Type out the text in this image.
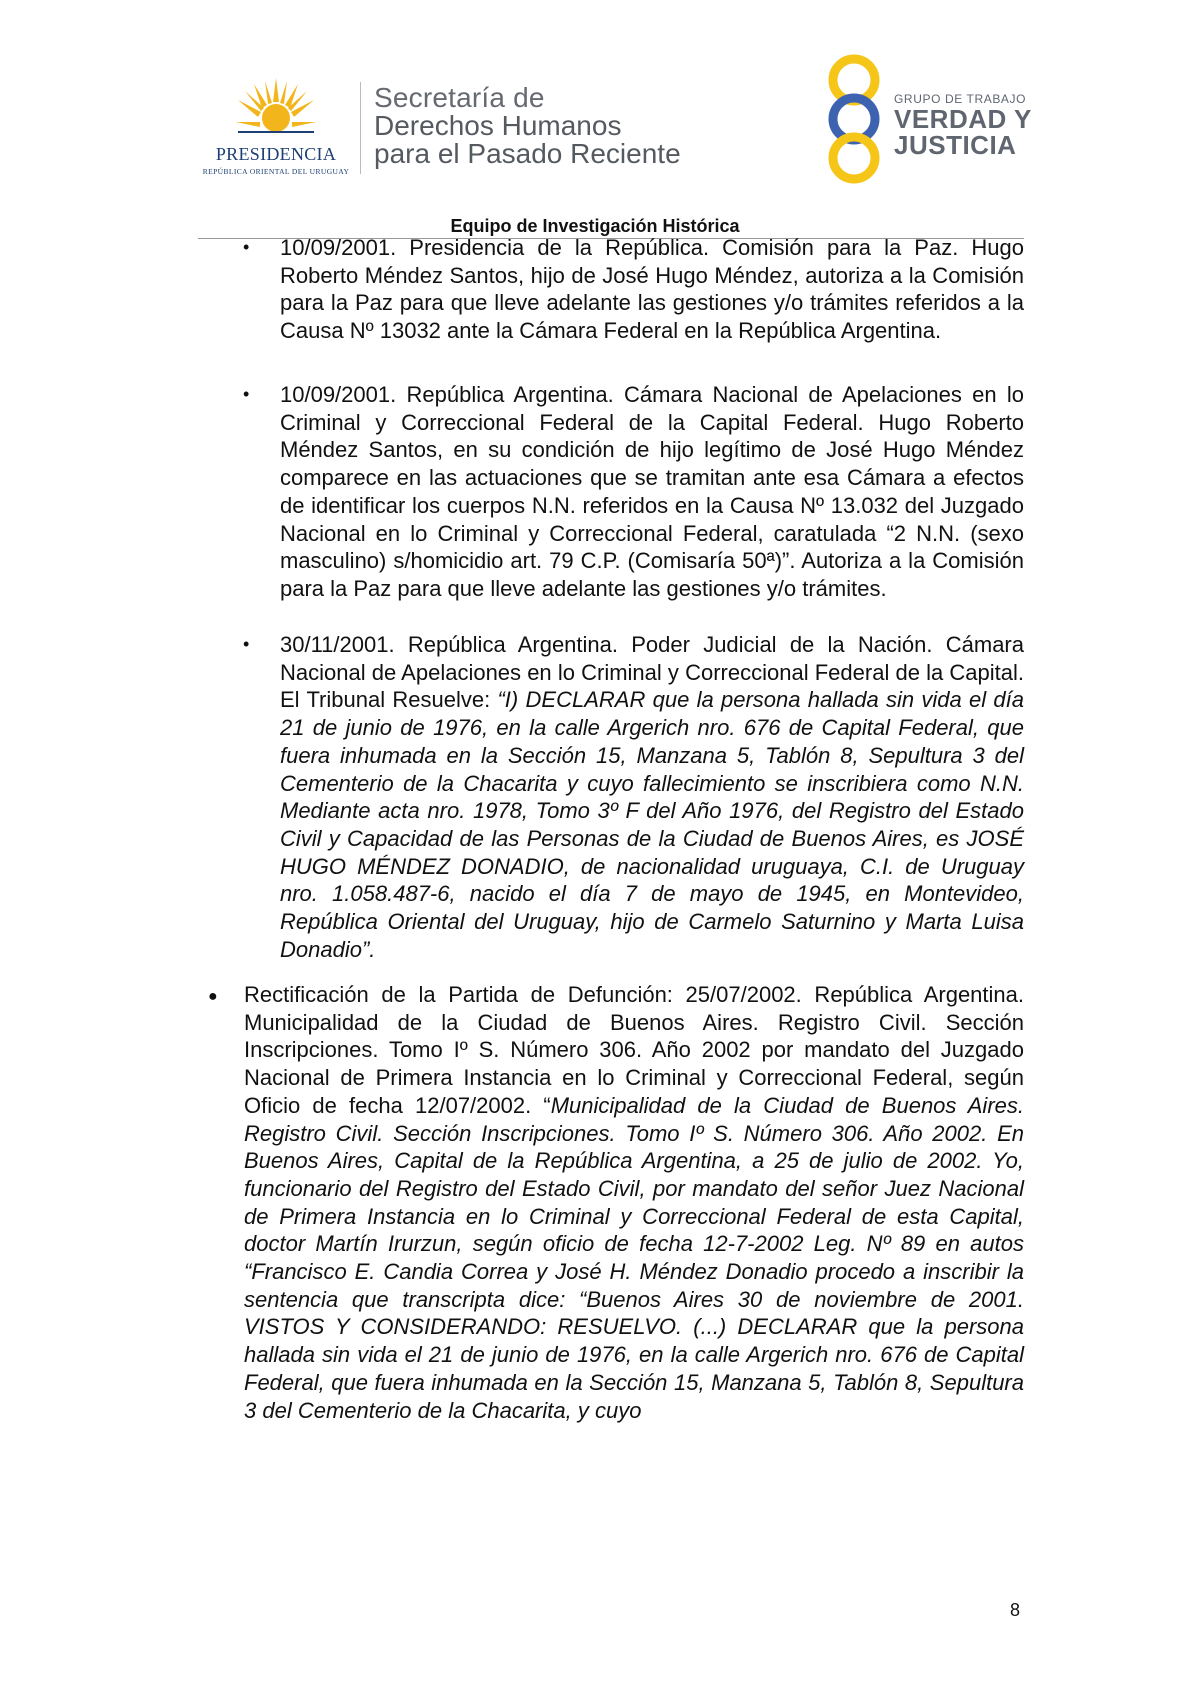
PRESIDENCIA
REPÚBLICA ORIENTAL DEL URUGUAY
Secretaría de
Derechos Humanos
para el Pasado Reciente
GRUPO DE TRABAJO
VERDAD Y
JUSTICIA
Equipo de Investigación Histórica
• 10/09/2001. Presidencia de la República. Comisión para la Paz. Hugo Roberto Méndez Santos, hijo de José Hugo Méndez, autoriza a la Comisión para la Paz para que lleve adelante las gestiones y/o trámites referidos a la Causa Nº 13032 ante la Cámara Federal en la República Argentina.
• 10/09/2001. República Argentina. Cámara Nacional de Apelaciones en lo Criminal y Correccional Federal de la Capital Federal. Hugo Roberto Méndez Santos, en su condición de hijo legítimo de José Hugo Méndez comparece en las actuaciones que se tramitan ante esa Cámara a efectos de identificar los cuerpos N.N. referidos en la Causa Nº 13.032 del Juzgado Nacional en lo Criminal y Correccional Federal, caratulada “2 N.N. (sexo masculino) s/homicidio art. 79 C.P. (Comisaría 50ª)”. Autoriza a la Comisión para la Paz para que lleve adelante las gestiones y/o trámites.
• 30/11/2001. República Argentina. Poder Judicial de la Nación. Cámara Nacional de Apelaciones en lo Criminal y Correccional Federal de la Capital. El Tribunal Resuelve: “I) DECLARAR que la persona hallada sin vida el día 21 de junio de 1976, en la calle Argerich nro. 676 de Capital Federal, que fuera inhumada en la Sección 15, Manzana 5, Tablón 8, Sepultura 3 del Cementerio de la Chacarita y cuyo fallecimiento se inscribiera como N.N. Mediante acta nro. 1978, Tomo 3º F del Año 1976, del Registro del Estado Civil y Capacidad de las Personas de la Ciudad de Buenos Aires, es JOSÉ HUGO MÉNDEZ DONADIO, de nacionalidad uruguaya, C.I. de Uruguay nro. 1.058.487-6, nacido el día 7 de mayo de 1945, en Montevideo, República Oriental del Uruguay, hijo de Carmelo Saturnino y Marta Luisa Donadio”.
● Rectificación de la Partida de Defunción: 25/07/2002. República Argentina. Municipalidad de la Ciudad de Buenos Aires. Registro Civil. Sección Inscripciones. Tomo Iº S. Número 306. Año 2002 por mandato del Juzgado Nacional de Primera Instancia en lo Criminal y Correccional Federal, según Oficio de fecha 12/07/2002. “Municipalidad de la Ciudad de Buenos Aires. Registro Civil. Sección Inscripciones. Tomo Iº S. Número 306. Año 2002. En Buenos Aires, Capital de la República Argentina, a 25 de julio de 2002. Yo, funcionario del Registro del Estado Civil, por mandato del señor Juez Nacional de Primera Instancia en lo Criminal y Correccional Federal de esta Capital, doctor Martín Irurzun, según oficio de fecha 12-7-2002 Leg. Nº 89 en autos “Francisco E. Candia Correa y José H. Méndez Donadio procedo a inscribir la sentencia que transcripta dice: “Buenos Aires 30 de noviembre de 2001. VISTOS Y CONSIDERANDO: RESUELVO. (...) DECLARAR que la persona hallada sin vida el 21 de junio de 1976, en la calle Argerich nro. 676 de Capital Federal, que fuera inhumada en la Sección 15, Manzana 5, Tablón 8, Sepultura 3 del Cementerio de la Chacarita, y cuyo
8
